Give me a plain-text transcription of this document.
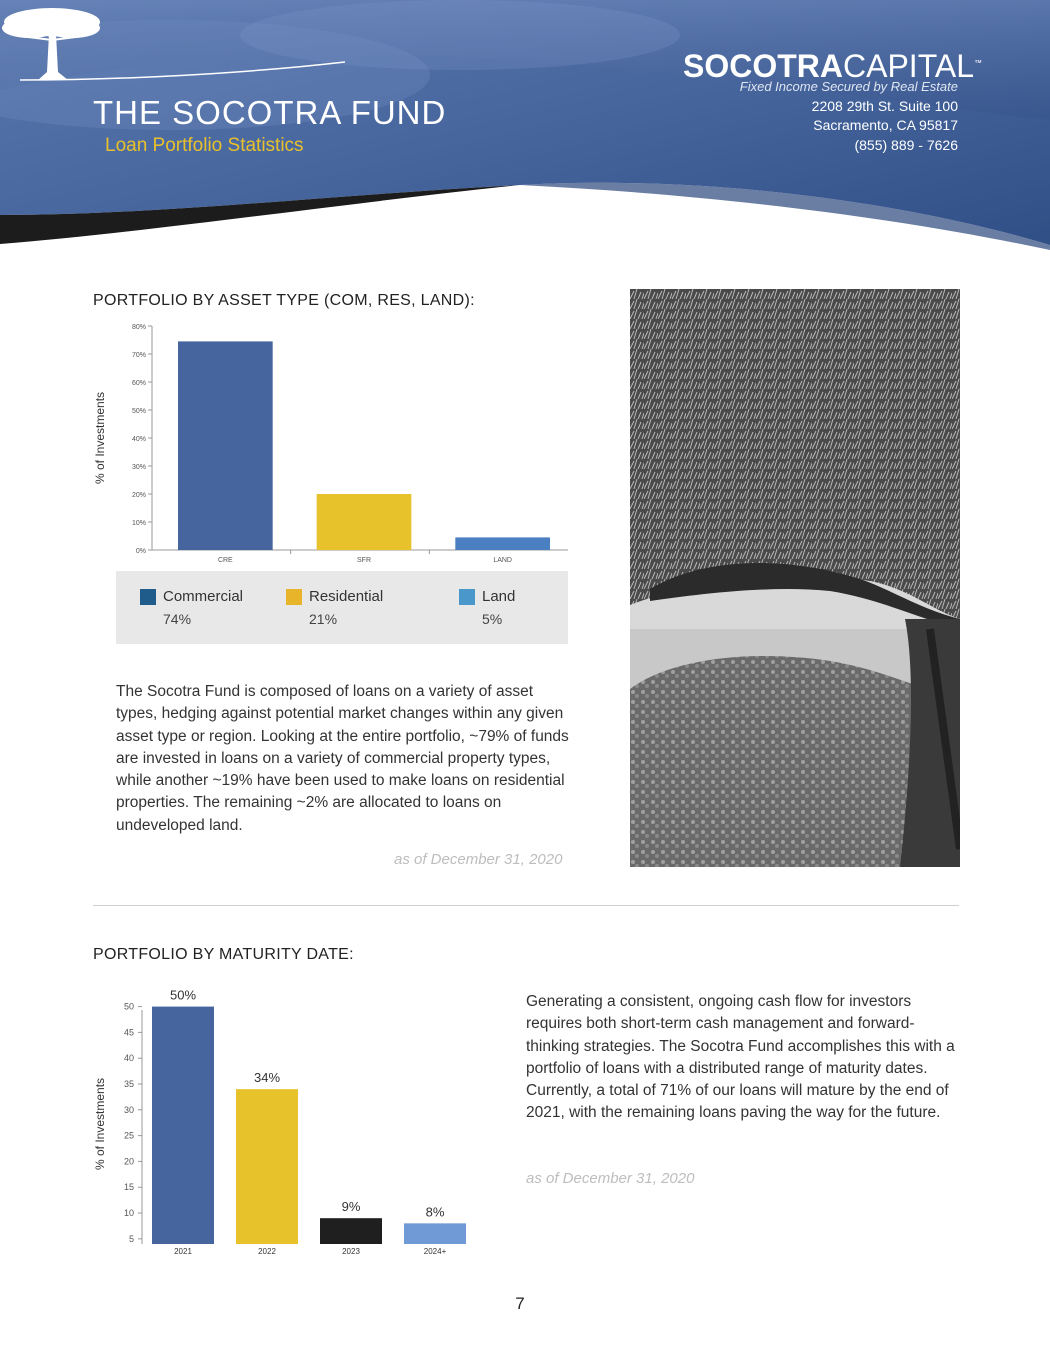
THE SOCOTRA FUND
Loan Portfolio Statistics
SOCOTRACAPITAL™
Fixed Income Secured by Real Estate
2208 29th St. Suite 100
Sacramento, CA 95817
(855) 889 - 7626
PORTFOLIO BY ASSET TYPE (COM, RES, LAND):
% of Investments
0%
10%
20%
30%
40%
50%
60%
70%
80%
CRE	SFR	LAND
Commercial
74%
Residential
21%
Land
5%

The Socotra Fund is composed of loans on a variety of asset types, hedging against potential market changes within any given asset type or region. Looking at the entire portfolio, ~79% of funds are invested in loans on a variety of commercial property types, while another ~19% have been used to make loans on residential properties. The remaining ~2% are allocated to loans on undeveloped land.

as of December 31, 2020
PORTFOLIO BY MATURITY DATE:
% of Investments
5
10
15
20
25
30
35
40
45
50
50%
2021
34%
2022
9%
2023
8%
2024+

Generating a consistent, ongoing cash flow for investors requires both short-term cash management and forward-thinking strategies. The Socotra Fund accomplishes this with a portfolio of loans with a distributed range of maturity dates. Currently, a total of 71% of our loans will mature by the end of 2021, with the remaining loans paving the way for the future.

as of December 31, 2020
7
